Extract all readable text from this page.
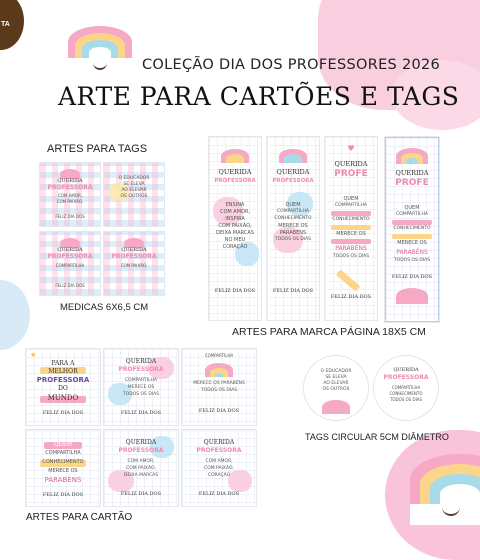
TA
COLEÇÃO DIA DOS PROFESSORES 2026
ARTE PARA CARTÕES E TAGS
ARTES PARA TAGS
QUERIDA
PROFESSORA
COM AMOR,
COM PAIXÃO,
FELIZ DIA DOS
O EDUCADOR
SE ELEVA
AO ELEVAR
OS OUTROS
QUERIDA
PROFESSORA
COMPARTILHA
FELIZ DIA DOS
QUERIDA
PROFESSORA
COM PAIXÃO,
MEDICAS 6X6,5 CM
QUERIDA
PROFESSORA
ENSINA
COM AMOR,
INSPIRA
COM PAIXÃO,
DEIXA MARCAS
NO MEU
CORAÇÃO
FELIZ DIA DOS
QUERIDA
PROFESSORA
QUEM
COMPARTILHA
CONHECIMENTO
MERECE OS
PARABÉNS
TODOS OS DIAS
FELIZ DIA DOS
♥
QUERIDA
PROFE
QUEM
COMPARTILHA
CONHECIMENTO
MERECE OS
PARABÉNS
TODOS OS DIAS
FELIZ DIA DOS
QUERIDA
PROFE
QUEM
COMPARTILHA
CONHECIMENTO
MERECE OS
PARABÉNS
TODOS OS DIAS
FELIZ DIA DOS
ARTES PARA MARCA PÁGINA 18X5 CM
★
PARA A
MELHOR
PROFESSORA
DO
MUNDO
FELIZ DIA DOS
QUERIDA
PROFESSORA
COMPARTILHA
MERECE OS
TODOS OS DIAS
FELIZ DIA DOS
COMPARTILHA
MERECE OS PARABÉNS
TODOS OS DIAS
FELIZ DIA DOS
QUEM
COMPARTILHA
CONHECIMENTO
MERECE OS
PARABÉNS
FELIZ DIA DOS
QUERIDA
PROFESSORA
COM AMOR,
COM PAIXÃO,
DEIXA MARCAS
FELIZ DIA DOS
QUERIDA
PROFESSORA
COM AMOR,
COM PAIXÃO,
CORAÇÃO
FELIZ DIA DOS
ARTES PARA CARTÃO
O EDUCADOR
SE ELEVA
AO ELEVAR
OS OUTROS
QUERIDA
PROFESSORA
COMPARTILHA
CONHECIMENTO
TODOS OS DIAS
TAGS CIRCULAR 5CM DIÂMETRO
